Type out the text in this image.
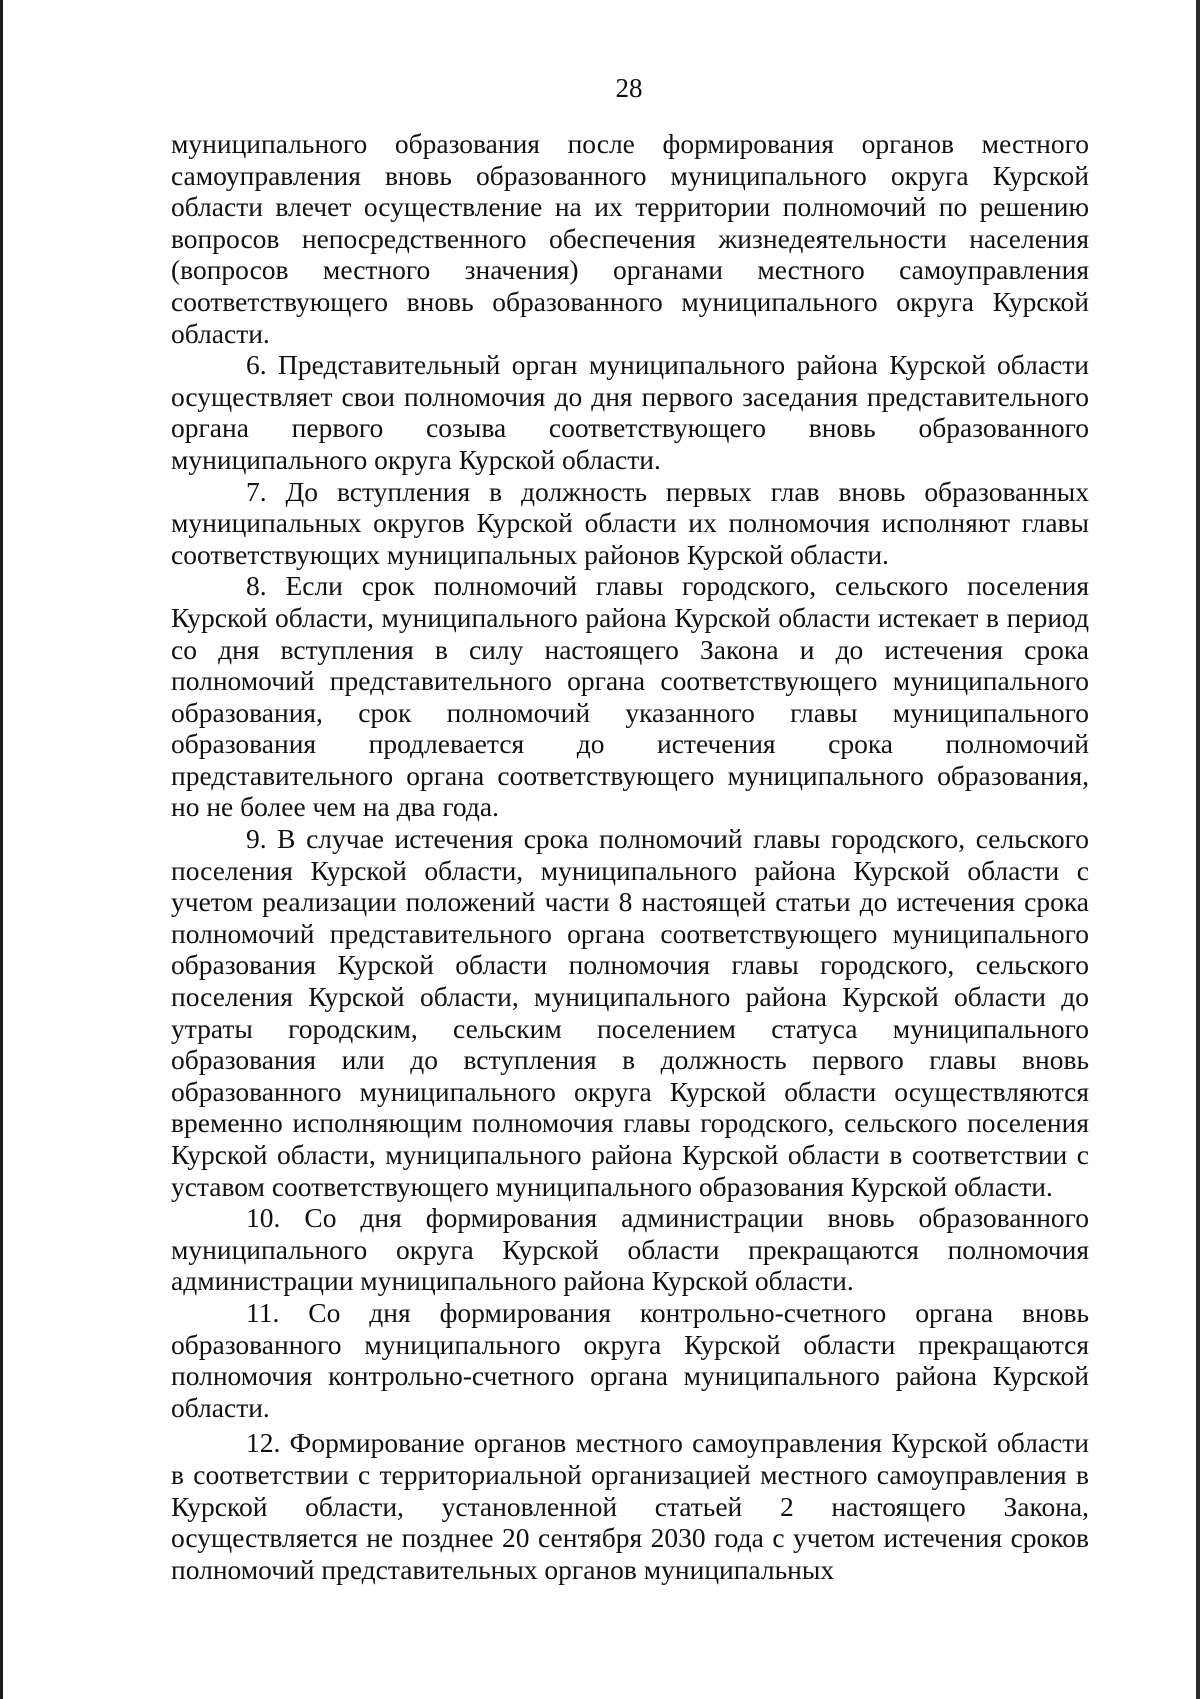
28

муниципального образования после формирования органов местного самоуправления вновь образованного муниципального округа Курской области влечет осуществление на их территории полномочий по решению вопросов непосредственного обеспечения жизнедеятельности населения (вопросов местного значения) органами местного самоуправления соответствующего вновь образованного муниципального округа Курской области.

6. Представительный орган муниципального района Курской области осуществляет свои полномочия до дня первого заседания представительного органа первого созыва соответствующего вновь образованного муниципального округа Курской области.

7. До вступления в должность первых глав вновь образованных муниципальных округов Курской области их полномочия исполняют главы соответствующих муниципальных районов Курской области.

8. Если срок полномочий главы городского, сельского поселения Курской области, муниципального района Курской области истекает в период со дня вступления в силу настоящего Закона и до истечения срока полномочий представительного органа соответствующего муниципального образования, срок полномочий указанного главы муниципального образования продлевается до истечения срока полномочий представительного органа соответствующего муниципального образования, но не более чем на два года.

9. В случае истечения срока полномочий главы городского, сельского поселения Курской области, муниципального района Курской области с учетом реализации положений части 8 настоящей статьи до истечения срока полномочий представительного органа соответствующего муниципального образования Курской области полномочия главы городского, сельского поселения Курской области, муниципального района Курской области до утраты городским, сельским поселением статуса муниципального образования или до вступления в должность первого главы вновь образованного муниципального округа Курской области осуществляются временно исполняющим полномочия главы городского, сельского поселения Курской области, муниципального района Курской области в соответствии с уставом соответствующего муниципального образования Курской области.

10. Со дня формирования администрации вновь образованного муниципального округа Курской области прекращаются полномочия администрации муниципального района Курской области.

11. Со дня формирования контрольно-счетного органа вновь образованного муниципального округа Курской области прекращаются полномочия контрольно-счетного органа муниципального района Курской области.

12. Формирование органов местного самоуправления Курской области в соответствии с территориальной организацией местного самоуправления в Курской области, установленной статьей 2 настоящего Закона, осуществляется не позднее 20 сентября 2030 года с учетом истечения сроков полномочий представительных органов муниципальных
